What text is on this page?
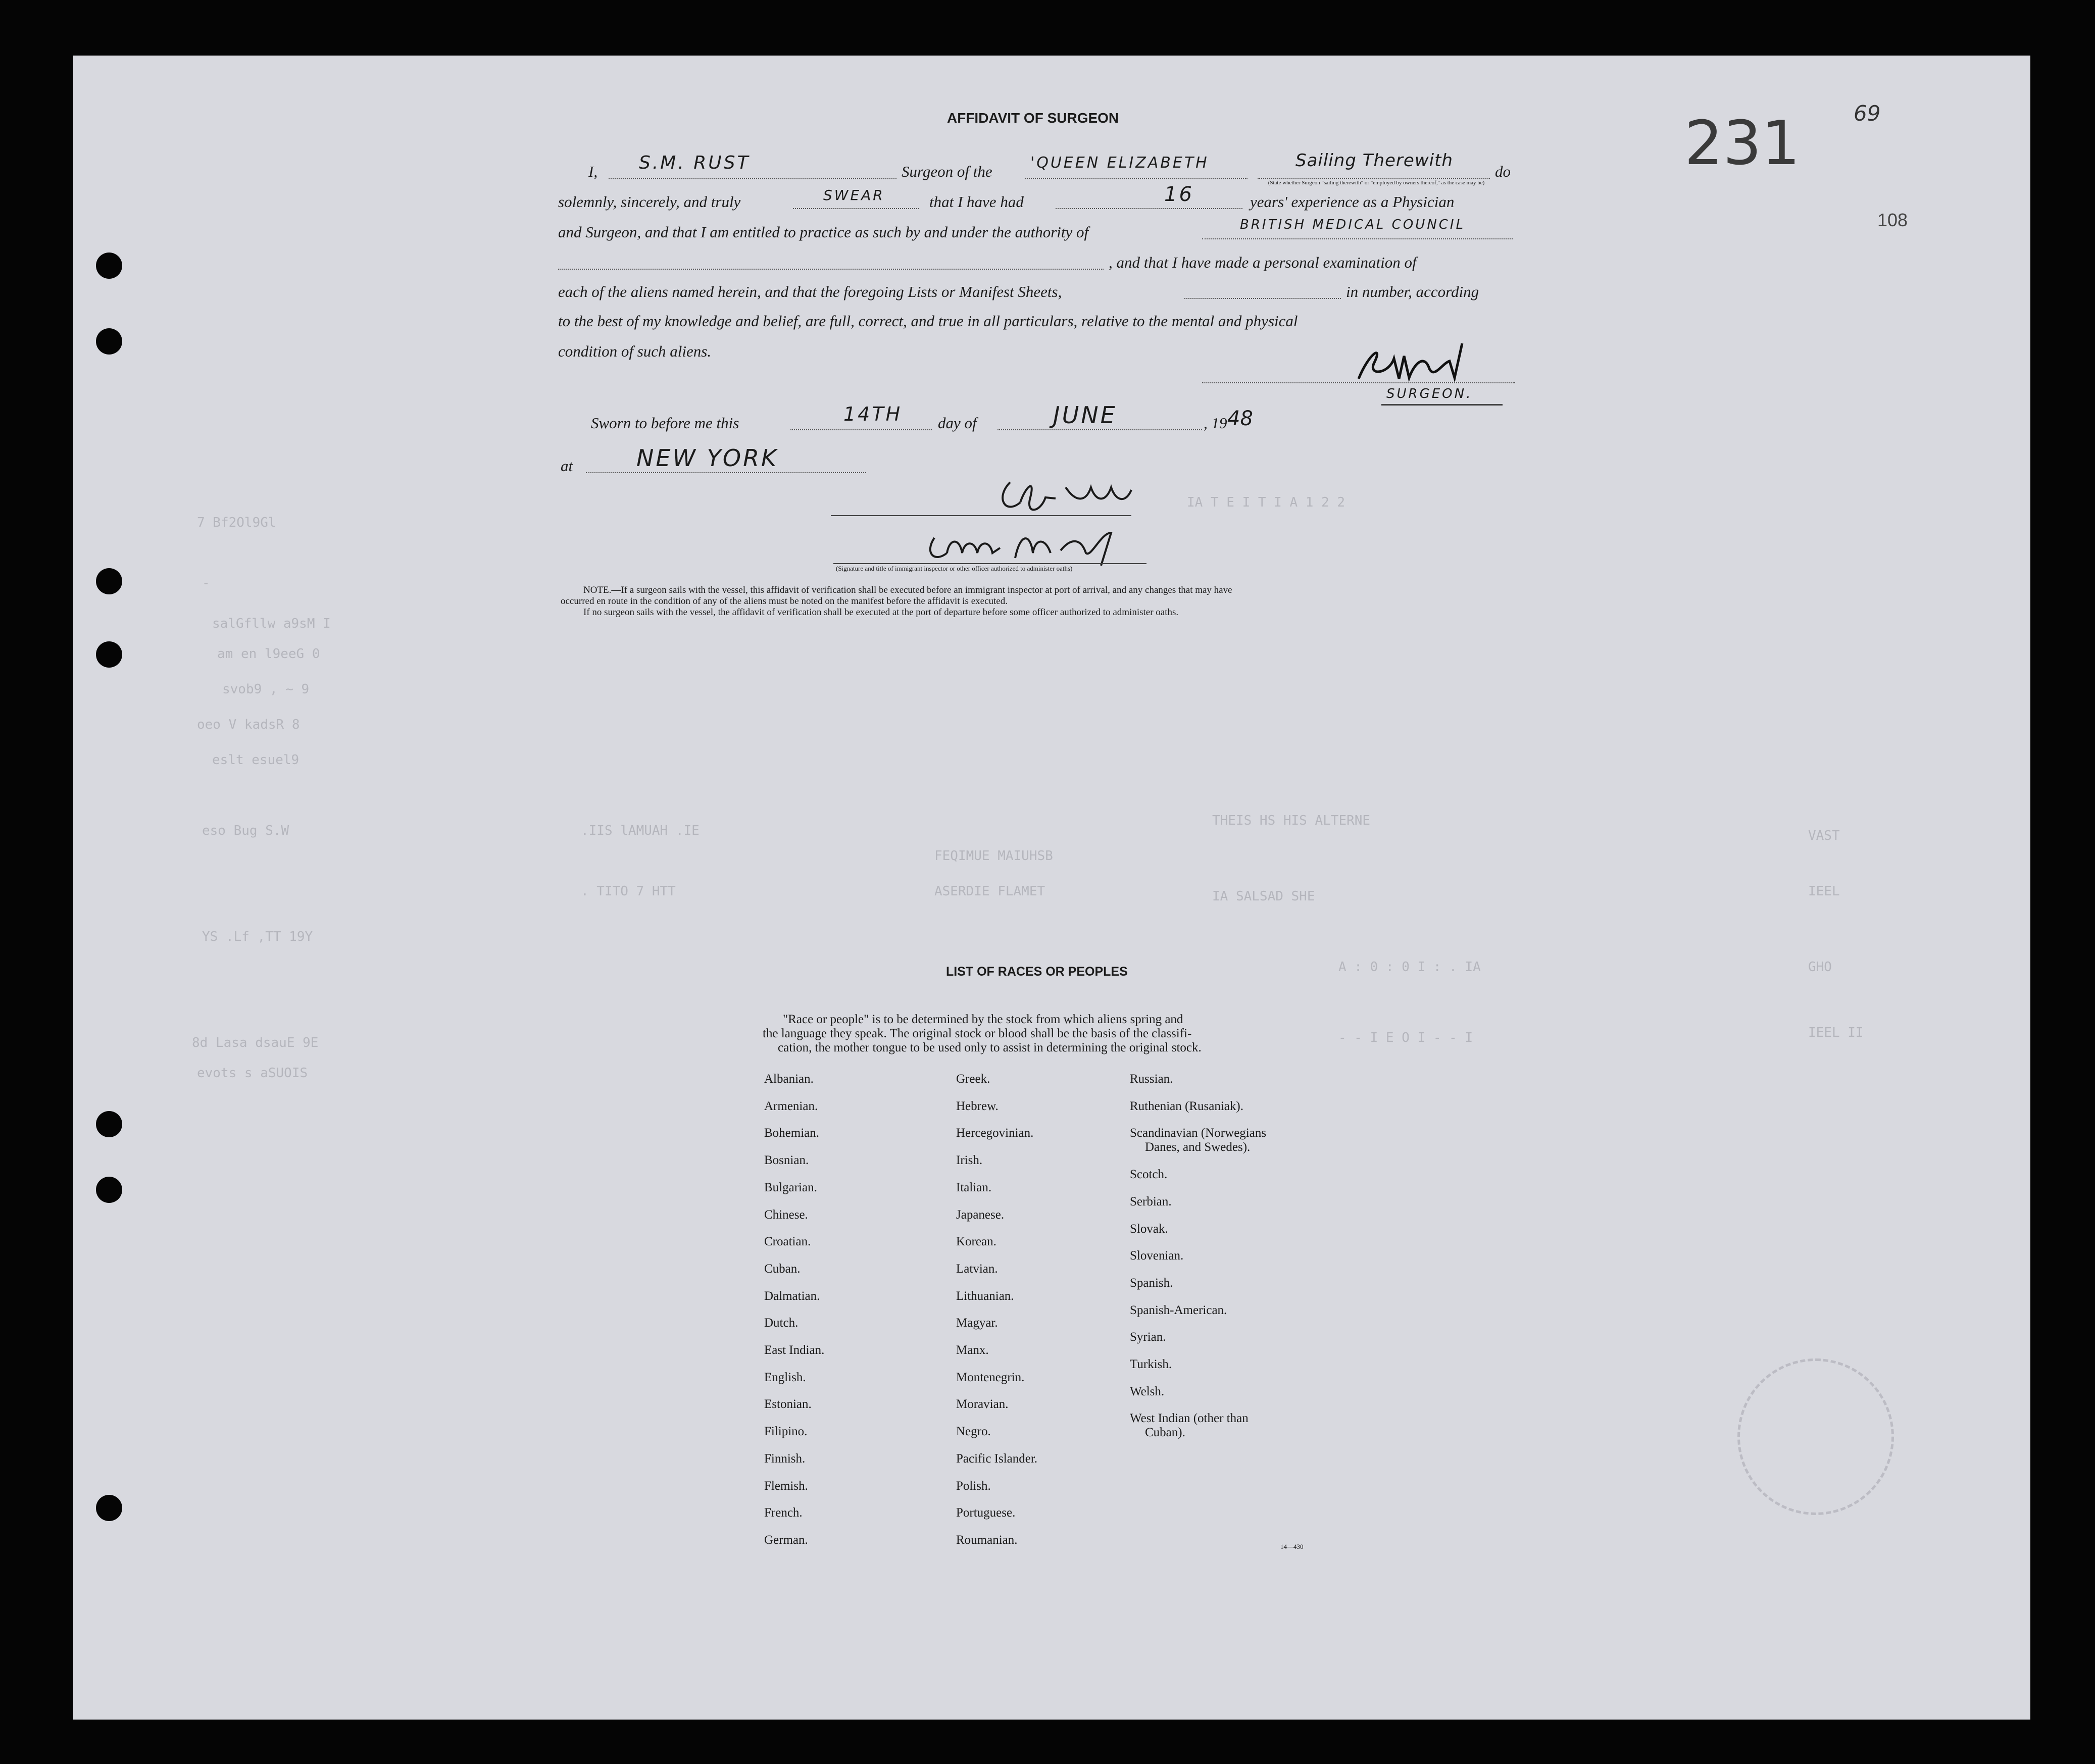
7 Bf2Ol9Gl
-
salGfllw a9sM I
am en l9eeG 0
svob9 , ~ 9
oeo V kadsR 8
eslt esuel9
eso Bug S.W
YS .Lf ,TT 19Y
8d Lasa dsauE 9E
evots s aSUOIS
.IIS lAMUAH .IE
. TITO 7 HTT
FEQIMUE MAIUHSB
ASERDIE FLAMET
THEIS HS HIS ALTERNE
IA SALSAD SHE
IA T E I T I A 1 2 2
A : 0 : 0 I : . IA
- - I E O I - - I
VAST
IEEL
GHO
IEEL II
108
69
231
AFFIDAVIT OF SURGEON
I, S.M. RUST	Surgeon of the	'QUEEN ELIZABETH	Sailing Therewith
(State whether Surgeon "sailing therewith" or "employed by owners thereof," as the case may be)
do
solemnly, sincerely, and truly	SWEAR	that I have had	16	years' experience as a Physician
and Surgeon, and that I am entitled to practice as such by and under the authority of	BRITISH MEDICAL COUNCIL
, and that I have made a personal examination of
each of the aliens named herein, and that the foregoing Lists or Manifest Sheets,	in number, according
to the best of my knowledge and belief, are full, correct, and true in all particulars, relative to the mental and physical
condition of such aliens.
SURGEON.
Sworn to before me this	14TH day of	JUNE	, 19 48
at	NEW YORK
(Signature and title of immigrant inspector or other officer authorized to administer oaths)
NOTE.—If a surgeon sails with the vessel, this affidavit of verification shall be executed before an immigrant inspector at port of arrival, and any changes that may have
occurred en route in the condition of any of the aliens must be noted on the manifest before the affidavit is executed.
If no surgeon sails with the vessel, the affidavit of verification shall be executed at the port of departure before some officer authorized to administer oaths.
LIST OF RACES OR PEOPLES
"Race or people" is to be determined by the stock from which aliens spring and
the language they speak. The original stock or blood shall be the basis of the classifi-
cation, the mother tongue to be used only to assist in determining the original stock.
Albanian.
Armenian.
Bohemian.
Bosnian.
Bulgarian.
Chinese.
Croatian.
Cuban.
Dalmatian.
Dutch.
East Indian.
English.
Estonian.
Filipino.
Finnish.
Flemish.
French.
German.
Greek.
Hebrew.
Hercegovinian.
Irish.
Italian.
Japanese.
Korean.
Latvian.
Lithuanian.
Magyar.
Manx.
Montenegrin.
Moravian.
Negro.
Pacific Islander.
Polish.
Portuguese.
Roumanian.
Russian.
Ruthenian (Rusaniak).
Scandinavian (Norwegians
Danes, and Swedes).
Scotch.
Serbian.
Slovak.
Slovenian.
Spanish.
Spanish-American.
Syrian.
Turkish.
Welsh.
West Indian (other than
Cuban).
14—430
